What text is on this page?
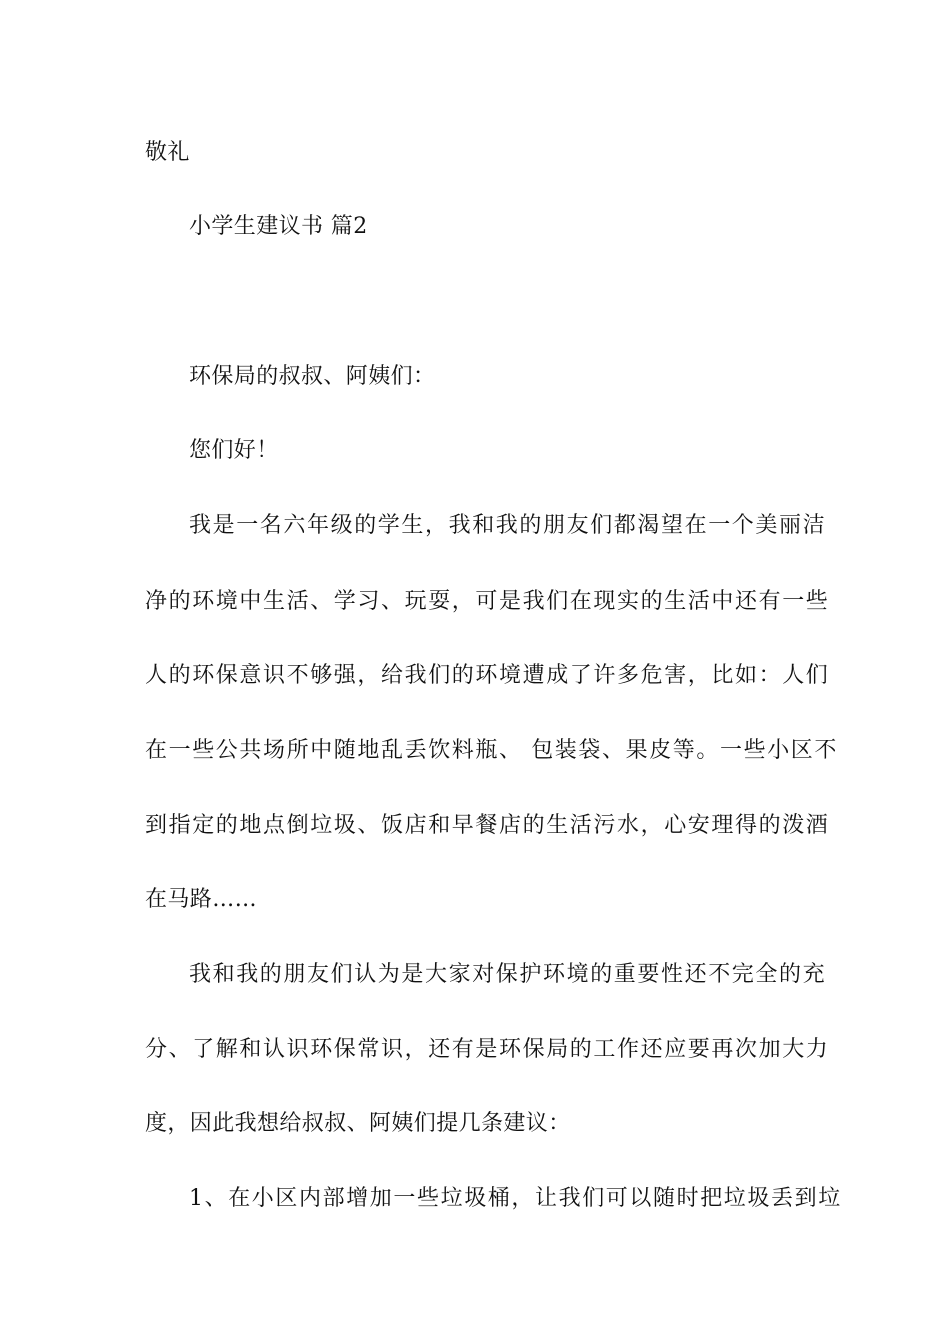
敬礼
小学生建议书 篇2
环保局的叔叔、阿姨们：
您们好！
我是一名六年级的学生，我和我的朋友们都渴望在一个美丽洁
净的环境中生活、学习、玩耍，可是我们在现实的生活中还有一些
人的环保意识不够强，给我们的环境遭成了许多危害，比如：人们
在一些公共场所中随地乱丢饮料瓶、 包装袋、果皮等。一些小区不
到指定的地点倒垃圾、饭店和早餐店的生活污水，心安理得的泼酒
在马路……
我和我的朋友们认为是大家对保护环境的重要性还不完全的充
分、了解和认识环保常识，还有是环保局的工作还应要再次加大力
度，因此我想给叔叔、阿姨们提几条建议：
1、在小区内部增加一些垃圾桶，让我们可以随时把垃圾丢到垃
